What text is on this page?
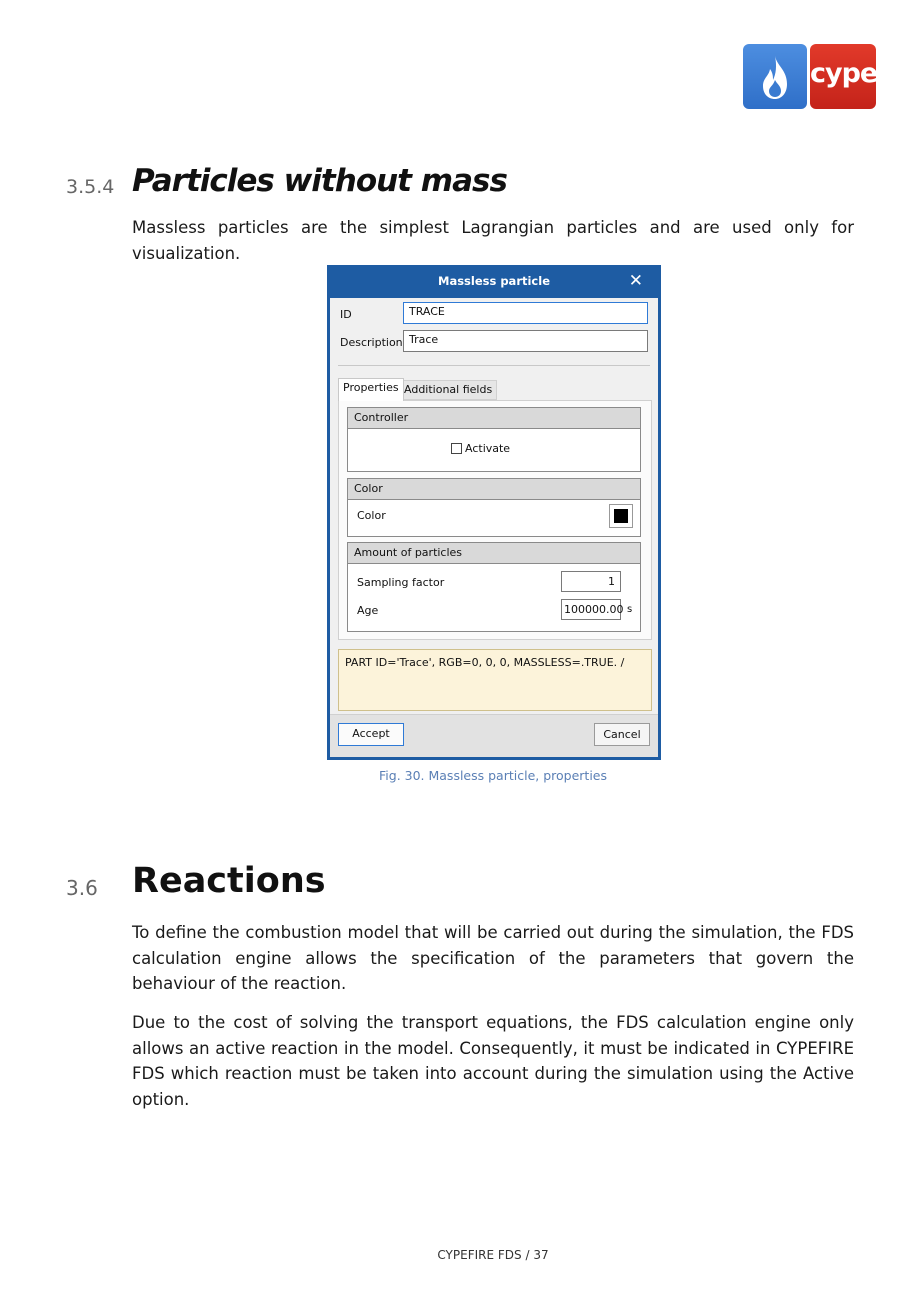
cype
3.5.4 Particles without mass
Massless particles are the simplest Lagrangian particles and are used only for visualization.
Massless particle	✕
ID	TRACE
Description Trace
Properties Additional fields
Controller
Activate
Color
Color
Amount of particles
Sampling factor	1
Age	100000.00 s
PART ID='Trace', RGB=0, 0, 0, MASSLESS=.TRUE. /
Accept	Cancel
Fig. 30. Massless particle, properties
3.6 Reactions
To define the combustion model that will be carried out during the simulation, the FDS calculation engine allows the specification of the parameters that govern the behaviour of the reaction.
Due to the cost of solving the transport equations, the FDS calculation engine only allows an active reaction in the model. Consequently, it must be indicated in CYPEFIRE FDS which reaction must be taken into account during the simulation using the Active option.
CYPEFIRE FDS / 37
